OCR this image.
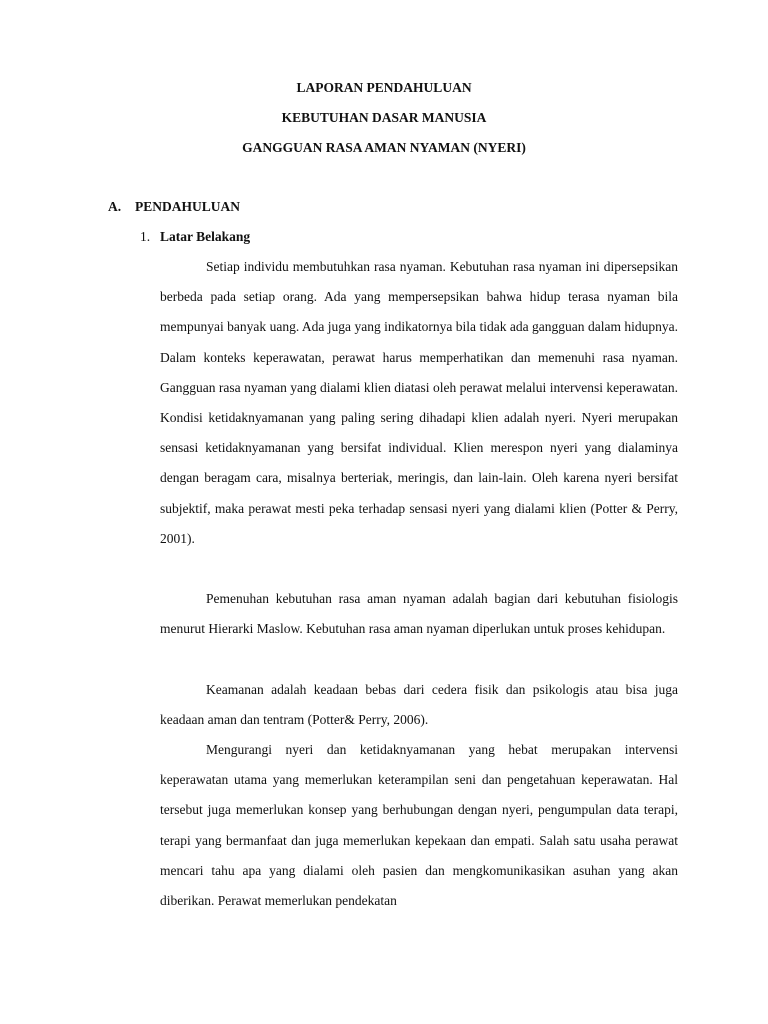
LAPORAN PENDAHULUAN
KEBUTUHAN DASAR MANUSIA
GANGGUAN RASA AMAN NYAMAN (NYERI)
A. PENDAHULUAN
1. Latar Belakang

Setiap individu membutuhkan rasa nyaman. Kebutuhan rasa nyaman ini dipersepsikan berbeda pada setiap orang. Ada yang mempersepsikan bahwa hidup terasa nyaman bila mempunyai banyak uang. Ada juga yang indikatornya bila tidak ada gangguan dalam hidupnya. Dalam konteks keperawatan, perawat harus memperhatikan dan memenuhi rasa nyaman. Gangguan rasa nyaman yang dialami klien diatasi oleh perawat melalui intervensi keperawatan. Kondisi ketidaknyamanan yang paling sering dihadapi klien adalah nyeri. Nyeri merupakan sensasi ketidaknyamanan yang bersifat individual. Klien merespon nyeri yang dialaminya dengan beragam cara, misalnya berteriak, meringis, dan lain-lain. Oleh karena nyeri bersifat subjektif, maka perawat mesti peka terhadap sensasi nyeri yang dialami klien (Potter & Perry, 2001).

Pemenuhan kebutuhan rasa aman nyaman adalah bagian dari kebutuhan fisiologis menurut Hierarki Maslow. Kebutuhan rasa aman nyaman diperlukan untuk proses kehidupan.

Keamanan adalah keadaan bebas dari cedera fisik dan psikologis atau bisa juga keadaan aman dan tentram (Potter& Perry, 2006).

Mengurangi nyeri dan ketidaknyamanan yang hebat merupakan intervensi keperawatan utama yang memerlukan keterampilan seni dan pengetahuan keperawatan. Hal tersebut juga memerlukan konsep yang berhubungan dengan nyeri, pengumpulan data terapi, terapi yang bermanfaat dan juga memerlukan kepekaan dan empati. Salah satu usaha perawat mencari tahu apa yang dialami oleh pasien dan mengkomunikasikan asuhan yang akan diberikan. Perawat memerlukan pendekatan
